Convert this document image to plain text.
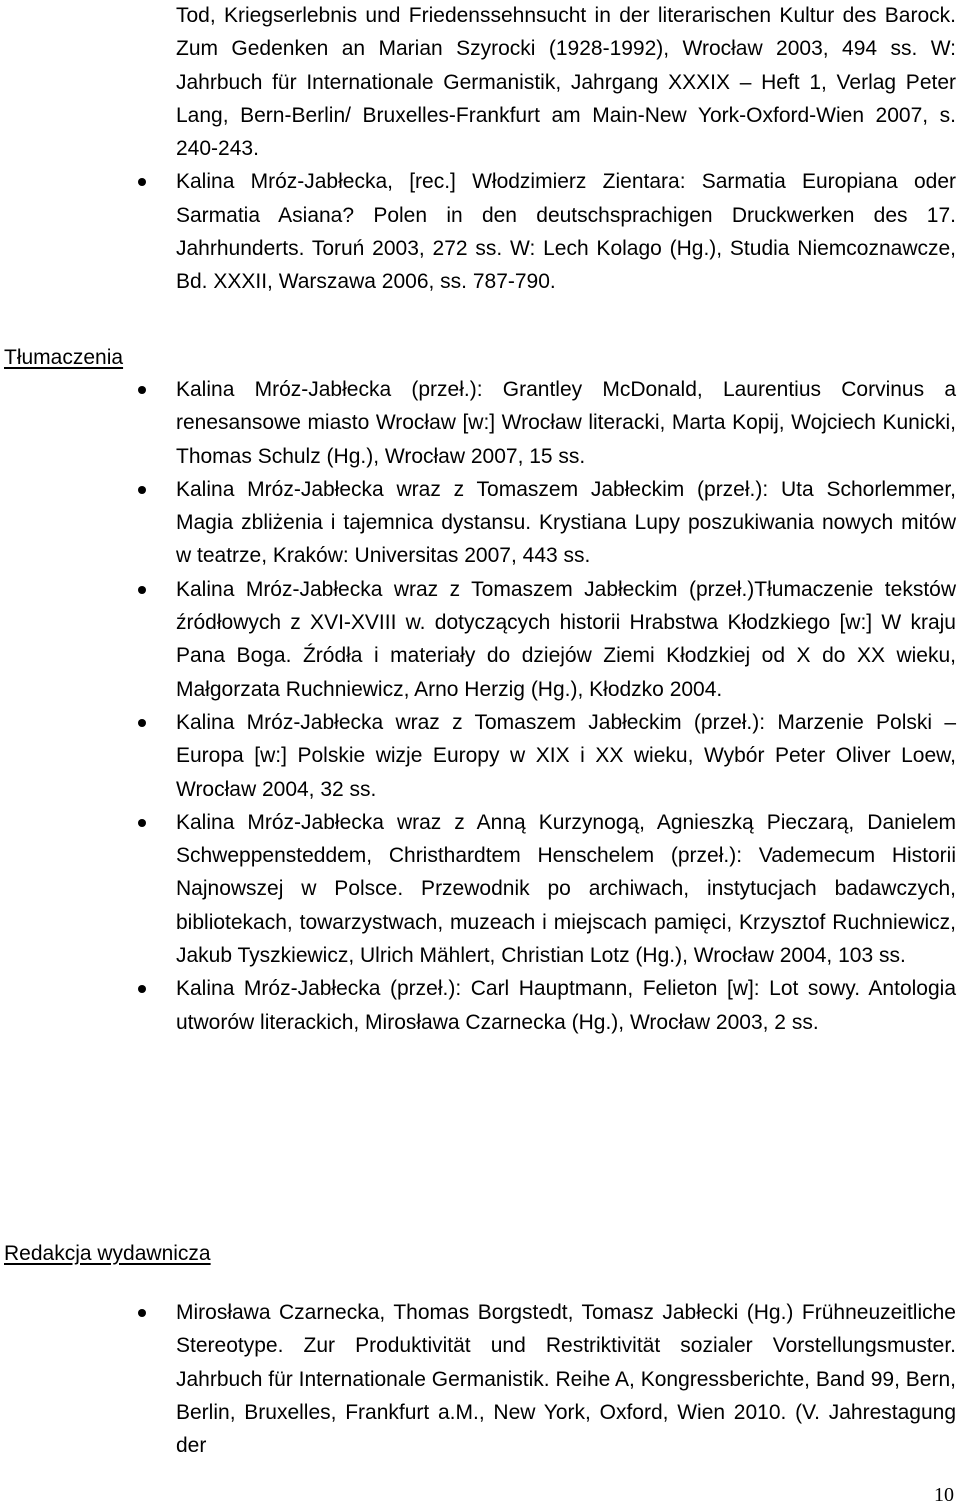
Tod, Kriegserlebnis und Friedenssehnsucht in der literarischen Kultur des Barock. Zum Gedenken an Marian Szyrocki (1928-1992), Wrocław 2003, 494 ss. W: Jahrbuch für Internationale Germanistik, Jahrgang XXXIX – Heft 1, Verlag Peter Lang, Bern-Berlin/ Bruxelles-Frankfurt am Main-New York-Oxford-Wien 2007, s. 240-243.
Kalina Mróz-Jabłecka, [rec.] Włodzimierz Zientara: Sarmatia Europiana oder Sarmatia Asiana? Polen in den deutschsprachigen Druckwerken des 17. Jahrhunderts. Toruń 2003, 272 ss. W: Lech Kolago (Hg.), Studia Niemcoznawcze, Bd. XXXII, Warszawa 2006, ss. 787-790.
Tłumaczenia
Kalina Mróz-Jabłecka (przeł.): Grantley McDonald, Laurentius Corvinus a renesansowe miasto Wrocław [w:] Wrocław literacki, Marta Kopij, Wojciech Kunicki, Thomas Schulz (Hg.), Wrocław 2007, 15 ss.
Kalina Mróz-Jabłecka wraz z Tomaszem Jabłeckim (przeł.): Uta Schorlemmer, Magia zbliżenia i tajemnica dystansu. Krystiana Lupy poszukiwania nowych mitów w teatrze, Kraków: Universitas 2007, 443 ss.
Kalina Mróz-Jabłecka wraz z Tomaszem Jabłeckim (przeł.)Tłumaczenie tekstów źródłowych z XVI-XVIII w. dotyczących historii Hrabstwa Kłodzkiego [w:] W kraju Pana Boga. Źródła i materiały do dziejów Ziemi Kłodzkiej od X do XX wieku, Małgorzata Ruchniewicz, Arno Herzig (Hg.), Kłodzko 2004.
Kalina Mróz-Jabłecka wraz z Tomaszem Jabłeckim (przeł.): Marzenie Polski – Europa [w:] Polskie wizje Europy w XIX i XX wieku, Wybór Peter Oliver Loew, Wrocław 2004, 32 ss.
Kalina Mróz-Jabłecka wraz z Anną Kurzynogą, Agnieszką Pieczarą, Danielem Schweppensteddem, Christhardtem Henschelem (przeł.): Vademecum Historii Najnowszej w Polsce. Przewodnik po archiwach, instytucjach badawczych, bibliotekach, towarzystwach, muzeach i miejscach pamięci, Krzysztof Ruchniewicz, Jakub Tyszkiewicz, Ulrich Mählert, Christian Lotz (Hg.), Wrocław 2004, 103 ss.
Kalina Mróz-Jabłecka (przeł.): Carl Hauptmann, Felieton [w]: Lot sowy. Antologia utworów literackich, Mirosława Czarnecka (Hg.), Wrocław 2003, 2 ss.
Redakcja wydawnicza
Mirosława Czarnecka, Thomas Borgstedt, Tomasz Jabłecki (Hg.) Frühneuzeitliche Stereotype. Zur Produktivität und Restriktivität sozialer Vorstellungsmuster. Jahrbuch für Internationale Germanistik. Reihe A, Kongressberichte, Band 99, Bern, Berlin, Bruxelles, Frankfurt a.M., New York, Oxford, Wien 2010. (V. Jahrestagung der
10
